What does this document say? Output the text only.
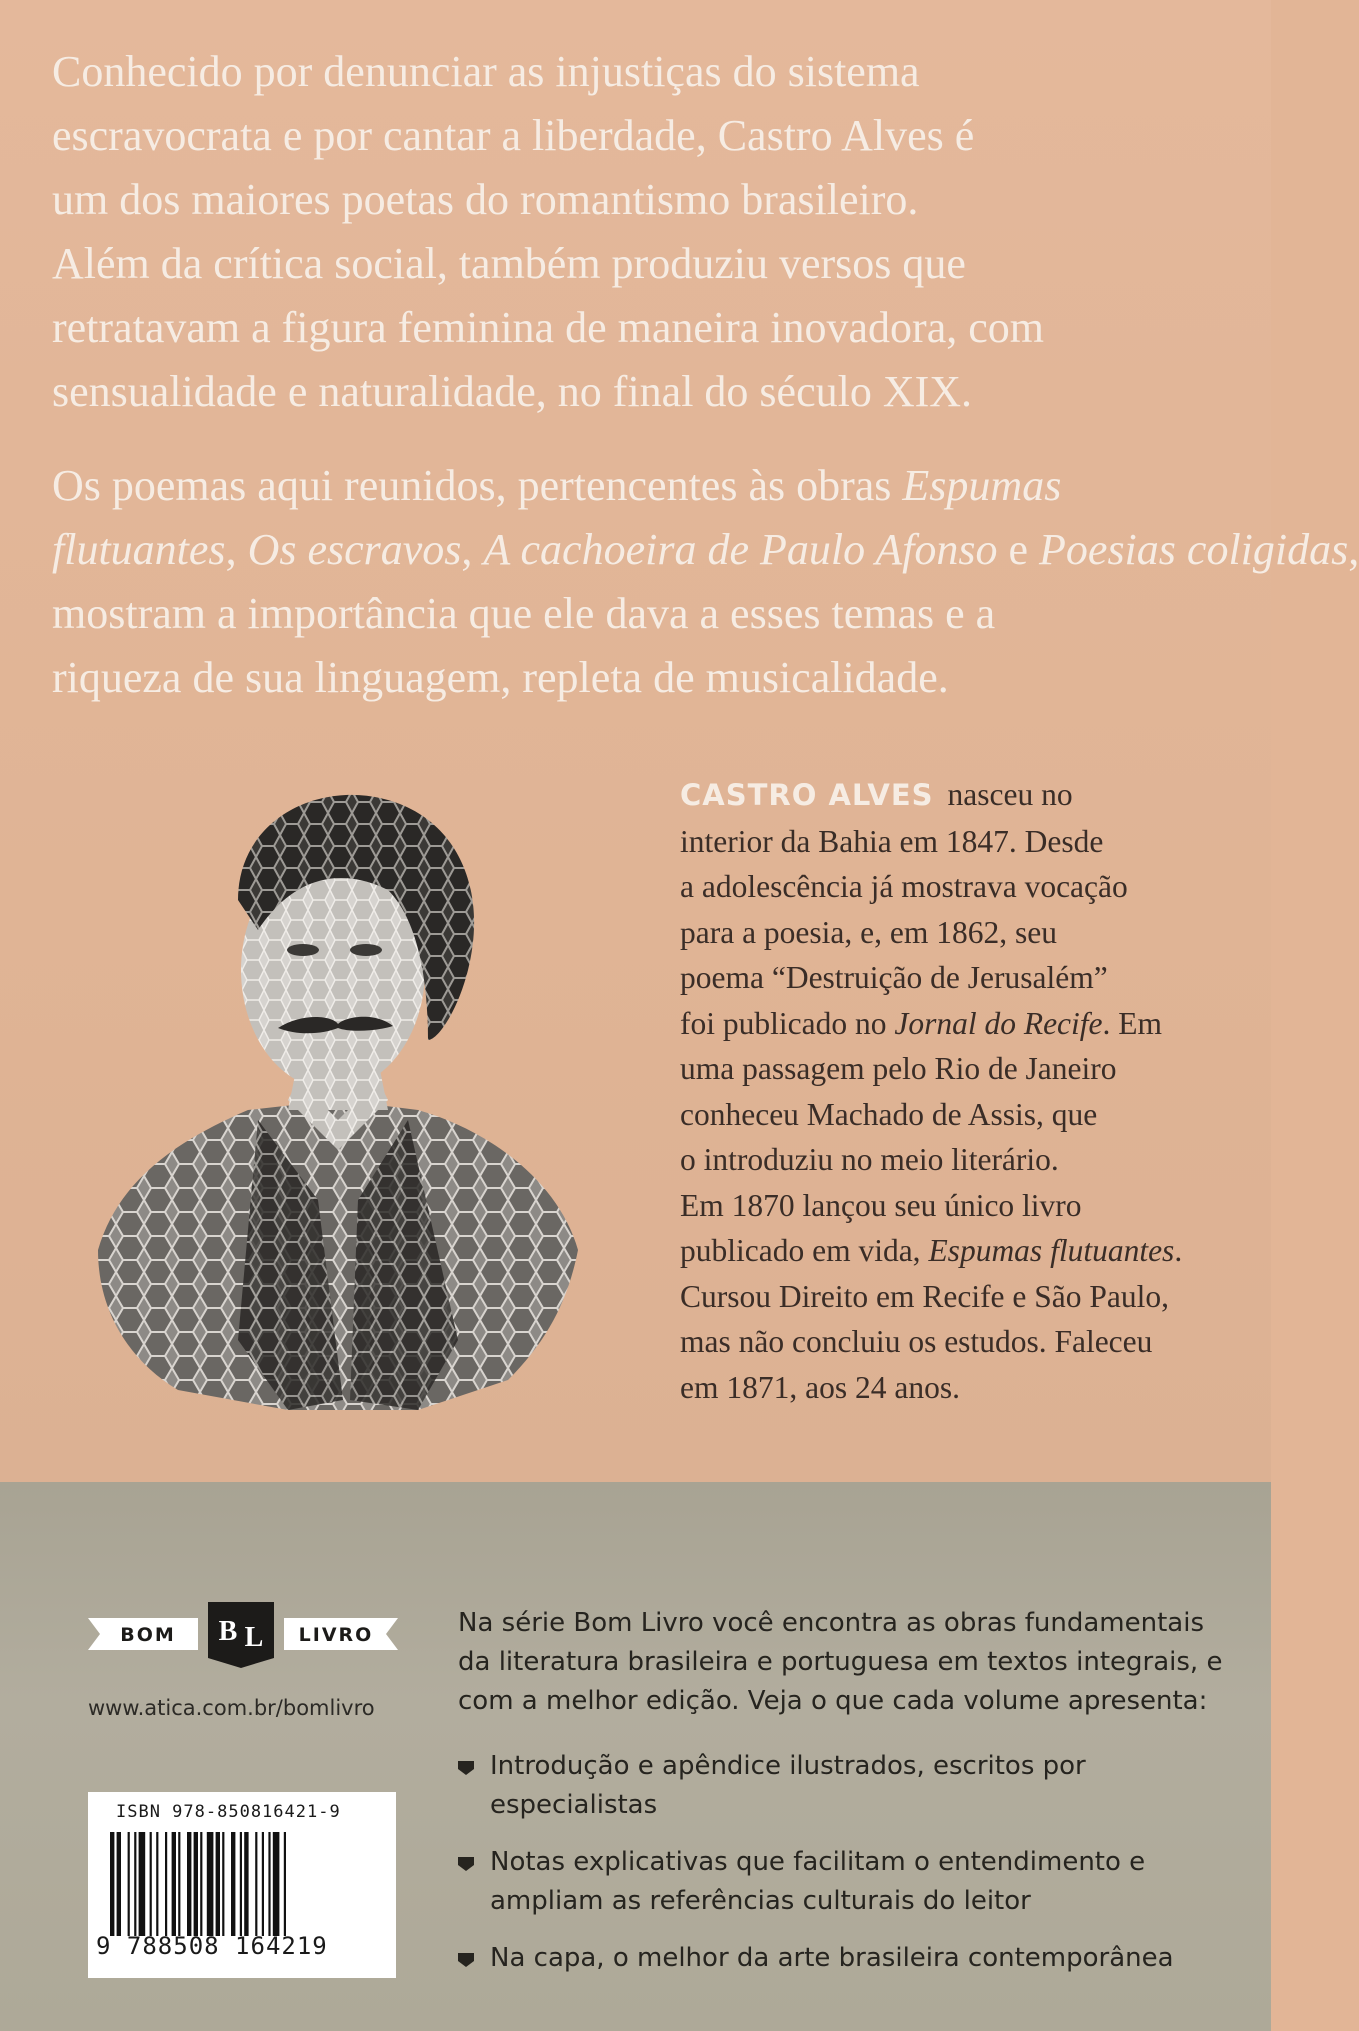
Conhecido por denunciar as injustiças do sistema
escravocrata e por cantar a liberdade, Castro Alves é
um dos maiores poetas do romantismo brasileiro.
Além da crítica social, também produziu versos que
retratavam a figura feminina de maneira inovadora, com
sensualidade e naturalidade, no final do século XIX.

Os poemas aqui reunidos, pertencentes às obras Espumas
flutuantes, Os escravos, A cachoeira de Paulo Afonso e Poesias coligidas,
mostram a importância que ele dava a esses temas e a
riqueza de sua linguagem, repleta de musicalidade.

CASTRO ALVES nasceu no
interior da Bahia em 1847. Desde
a adolescência já mostrava vocação
para a poesia, e, em 1862, seu
poema “Destruição de Jerusalém”
foi publicado no Jornal do Recife. Em
uma passagem pelo Rio de Janeiro
conheceu Machado de Assis, que
o introduziu no meio literário.
Em 1870 lançou seu único livro
publicado em vida, Espumas flutuantes.
Cursou Direito em Recife e São Paulo,
mas não concluiu os estudos. Faleceu
em 1871, aos 24 anos.
BOM B L LIVRO
www.atica.com.br/bomlivro
ISBN 978-850816421-9
9 788508 164219
Na série Bom Livro você encontra as obras fundamentais
da literatura brasileira e portuguesa em textos integrais, e
com a melhor edição. Veja o que cada volume apresenta:
Introdução e apêndice ilustrados, escritos por
especialistas
Notas explicativas que facilitam o entendimento e
ampliam as referências culturais do leitor
Na capa, o melhor da arte brasileira contemporânea
